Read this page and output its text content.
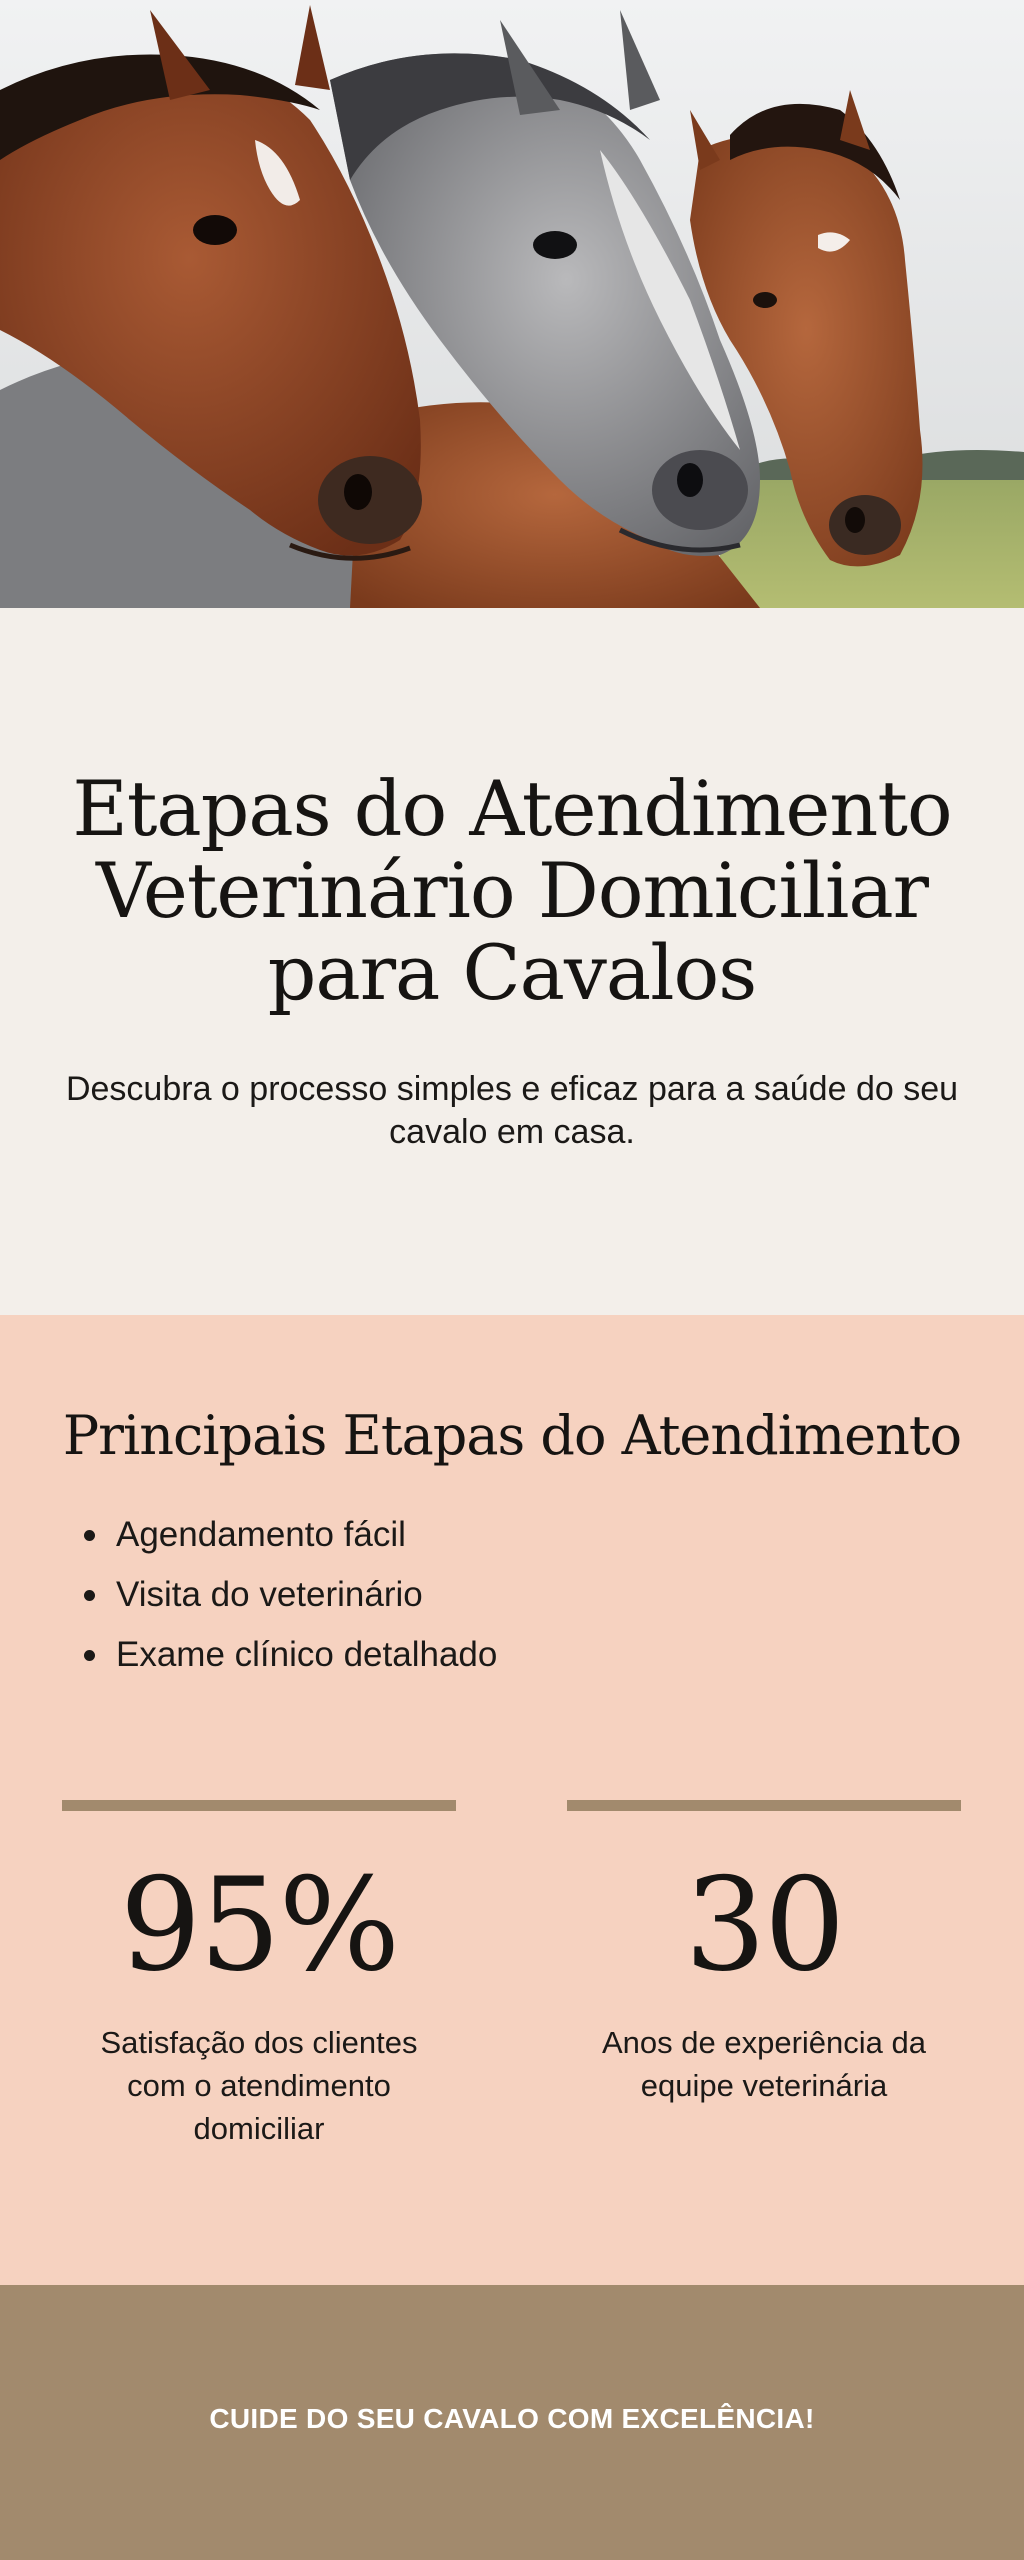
Etapas do Atendimento Veterinário Domiciliar para Cavalos

Descubra o processo simples e eficaz para a saúde do seu cavalo em casa.

Principais Etapas do Atendimento
Agendamento fácil
Visita do veterinário
Exame clínico detalhado
95%
Satisfação dos clientes com o atendimento domiciliar
30
Anos de experiência da equipe veterinária
CUIDE DO SEU CAVALO COM EXCELÊNCIA!
